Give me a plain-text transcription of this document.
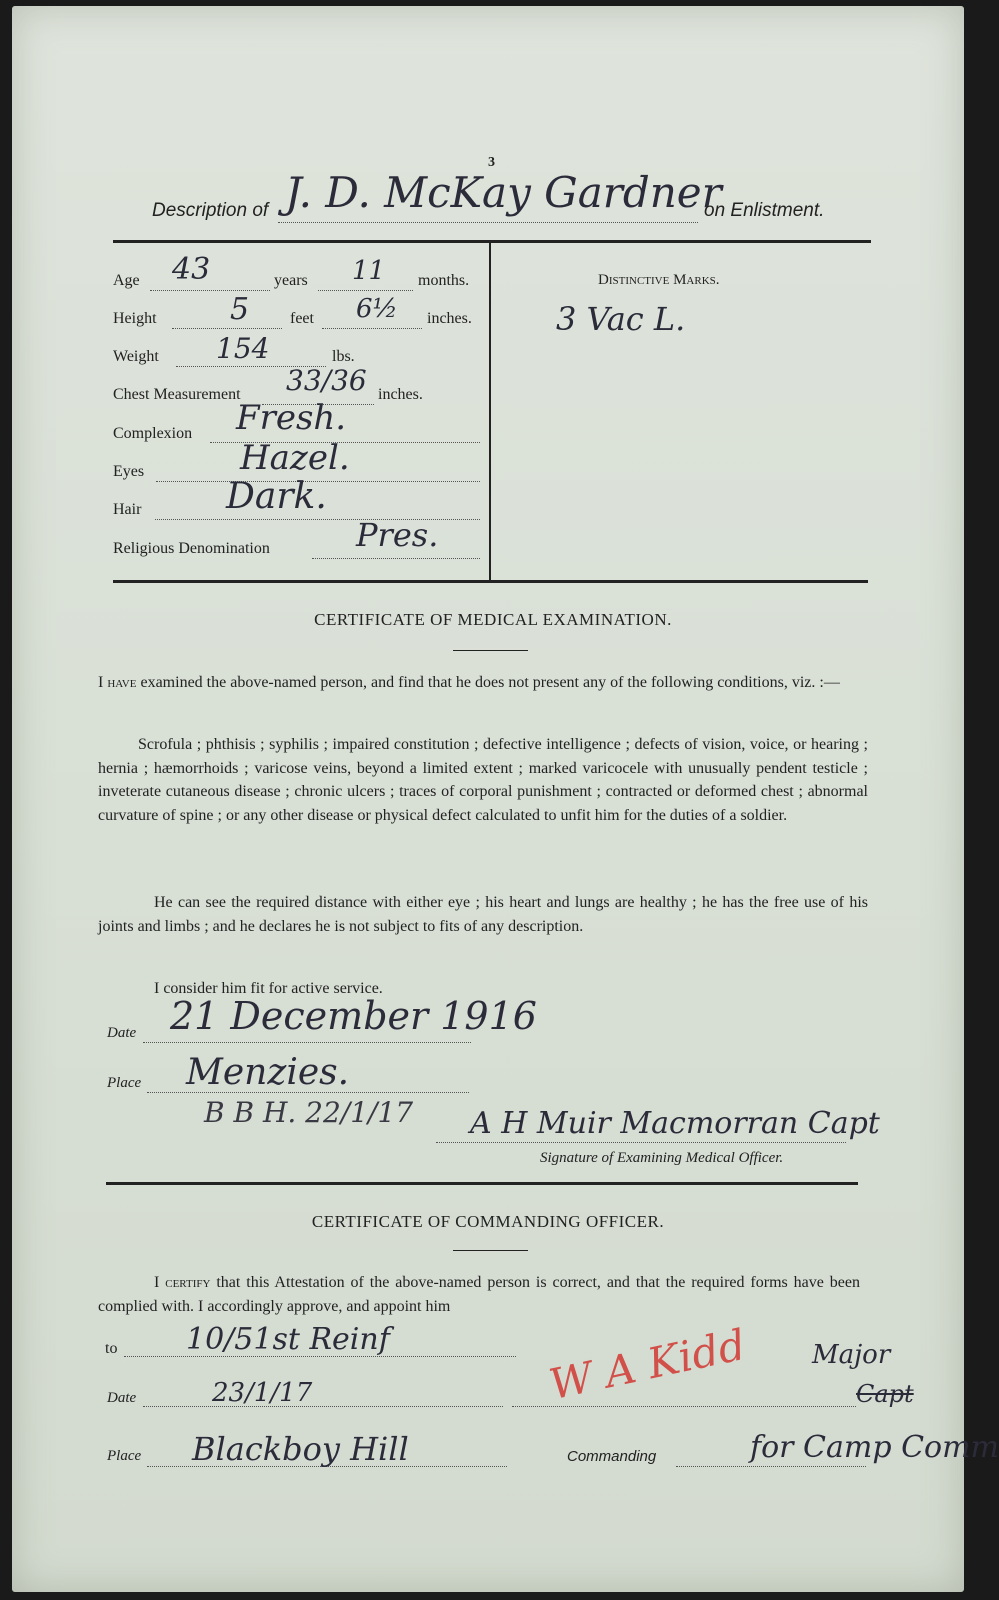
3
Description of J. D. McKay Gardner
on Enlistment.
Age 43	years 11 months.
Height 5	feet 6½ inches.
Weight 154	lbs.
Chest Measurement 33/36 inches.
Complexion Fresh.
Eyes	Hazel.
Hair Dark.
Religious Denomination	Pres.
Distinctive Marks.
3 Vac L.
CERTIFICATE OF MEDICAL EXAMINATION.
I have examined the above-named person, and find that he does not present any of the following conditions, viz. :—
Scrofula ; phthisis ; syphilis ; impaired constitution ; defective intelligence ; defects of vision, voice, or hearing ; hernia ; hæmorrhoids ; varicose veins, beyond a limited extent ; marked varicocele with unusually pendent testicle ; inveterate cutaneous disease ; chronic ulcers ; traces of corporal punishment ; contracted or deformed chest ; abnormal curvature of spine ; or any other disease or physical defect calculated to unfit him for the duties of a soldier.
He can see the required distance with either eye ; his heart and lungs are healthy ; he has the free use of his joints and limbs ; and he declares he is not subject to fits of any description.
I consider him fit for active service.
Date 21 December 1916
Place Menzies.
B B H. 22/1/17 A H Muir Macmorran Capt
Signature of Examining Medical Officer.
CERTIFICATE OF COMMANDING OFFICER.
I certify that this Attestation of the above-named person is correct, and that the required forms have been complied with. I accordingly approve, and appoint him
to 10/51st Reinf
Date	23/1/17
Place Blackboy Hill
W A Kidd Major
Capt
Commanding	for Camp Comm
